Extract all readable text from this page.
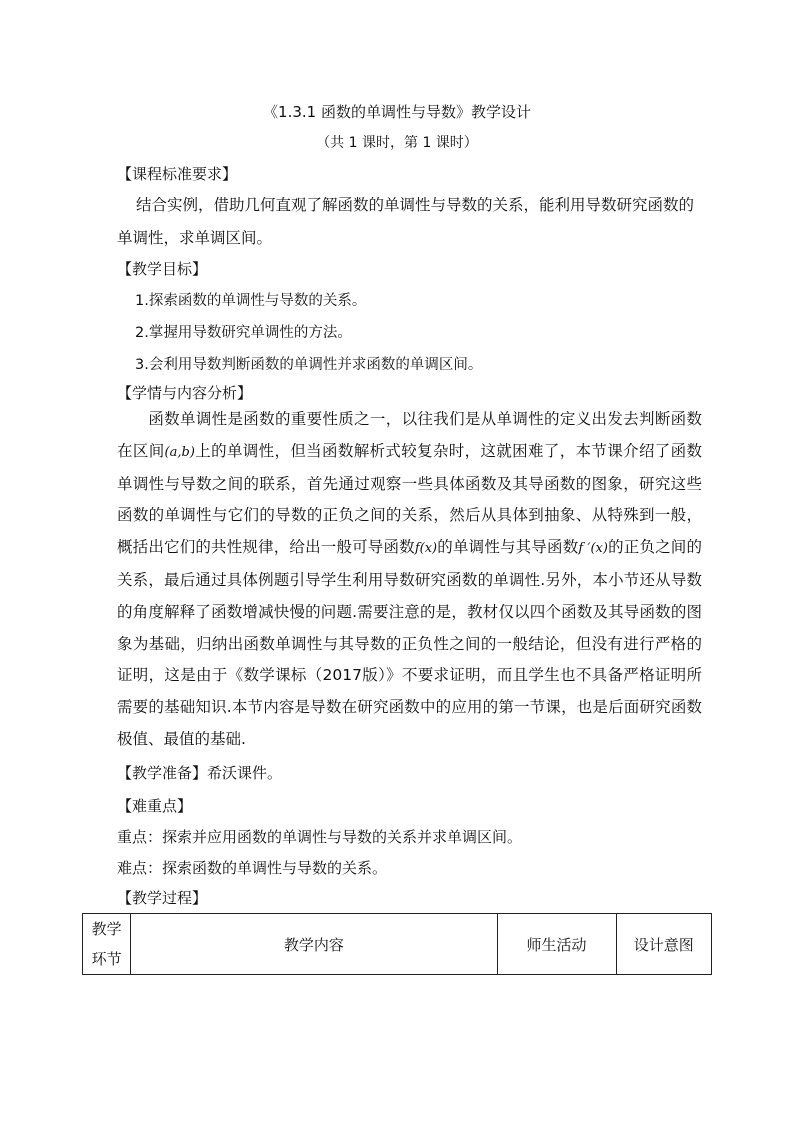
《1.3.1 函数的单调性与导数》教学设计
（共 1 课时，第 1 课时）
【课程标准要求】
结合实例，借助几何直观了解函数的单调性与导数的关系，能利用导数研究函数的单调性，求单调区间。
【教学目标】
1.探索函数的单调性与导数的关系。
2.掌握用导数研究单调性的方法。
3.会利用导数判断函数的单调性并求函数的单调区间。
【学情与内容分析】
函数单调性是函数的重要性质之一，以往我们是从单调性的定义出发去判断函数在区间(a,b)上的单调性，但当函数解析式较复杂时，这就困难了，本节课介绍了函数单调性与导数之间的联系，首先通过观察一些具体函数及其导函数的图象，研究这些函数的单调性与它们的导数的正负之间的关系，然后从具体到抽象、从特殊到一般，概括出它们的共性规律，给出一般可导函数f(x)的单调性与其导函数f ′(x)的正负之间的关系，最后通过具体例题引导学生利用导数研究函数的单调性.另外，本小节还从导数的角度解释了函数增减快慢的问题.需要注意的是，教材仅以四个函数及其导函数的图象为基础，归纳出函数单调性与其导数的正负性之间的一般结论，但没有进行严格的证明，这是由于《数学课标（2017版）》不要求证明，而且学生也不具备严格证明所需要的基础知识.本节内容是导数在研究函数中的应用的第一节课，也是后面研究函数极值、最值的基础.
【教学准备】希沃课件。
【难重点】
重点：探索并应用函数的单调性与导数的关系并求单调区间。
难点：探索函数的单调性与导数的关系。
【教学过程】
教学
环节	教学内容	师生活动	设计意图
